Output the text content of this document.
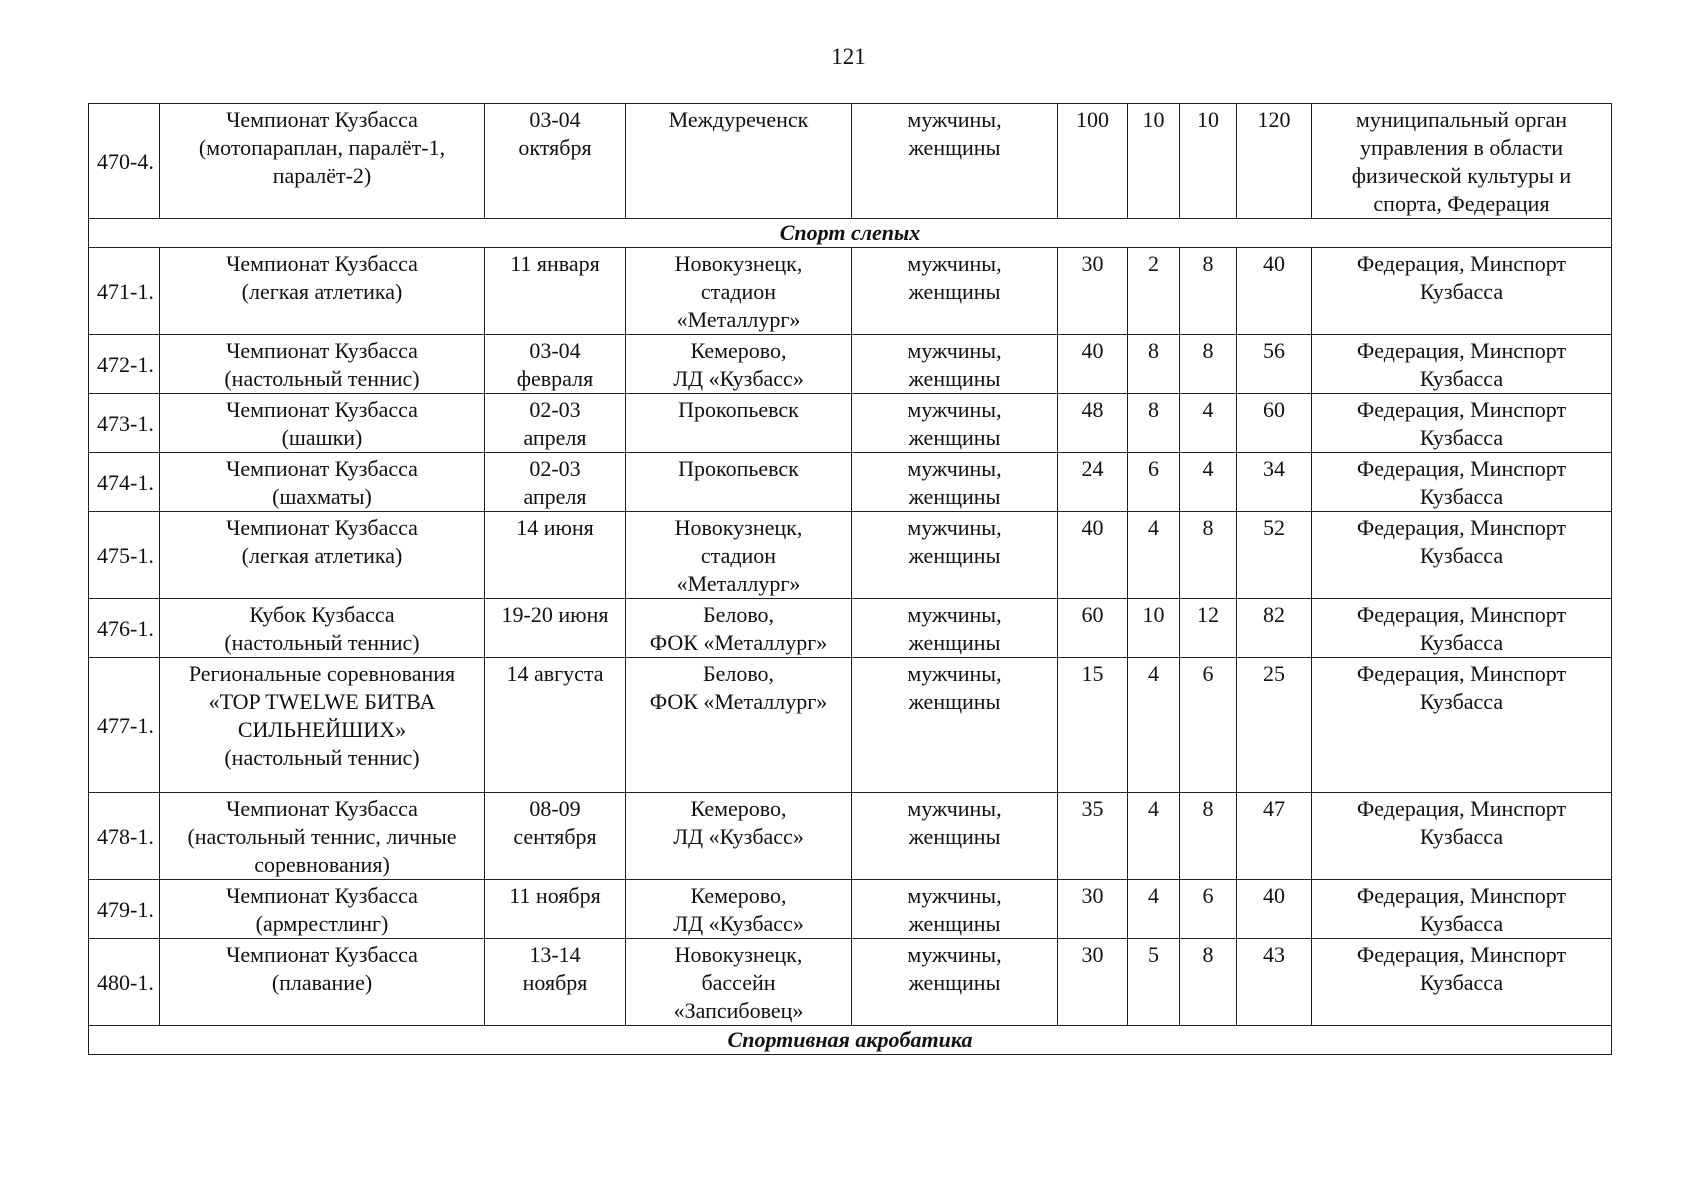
121
470-4.	Чемпионат Кузбасса
(мотопараплан, паралёт-1,
паралёт-2)	03-04
октября	Междуреченск	мужчины,
женщины	100	10	10	120	муниципальный орган
управления в области
физической культуры и
спорта, Федерация

Спорт слепых									
471-1.	Чемпионат Кузбасса
(легкая атлетика)	11 января	Новокузнецк,
стадион
«Металлург»	мужчины,
женщины	30	2	8	40	Федерация, Минспорт
Кузбасса

472-1.	Чемпионат Кузбасса
(настольный теннис)	03-04
февраля	Кемерово,
ЛД «Кузбасс»	мужчины,
женщины	40	8	8	56	Федерация, Минспорт
Кузбасса

473-1.	Чемпионат Кузбасса
(шашки)	02-03
апреля	Прокопьевск	мужчины,
женщины	48	8	4	60	Федерация, Минспорт
Кузбасса

474-1.	Чемпионат Кузбасса
(шахматы)	02-03
апреля	Прокопьевск	мужчины,
женщины	24	6	4	34	Федерация, Минспорт
Кузбасса

475-1.	Чемпионат Кузбасса
(легкая атлетика)	14 июня	Новокузнецк,
стадион
«Металлург»	мужчины,
женщины	40	4	8	52	Федерация, Минспорт
Кузбасса

476-1.	Кубок Кузбасса
(настольный теннис)	19-20 июня	Белово,
ФОК «Металлург»	мужчины,
женщины	60	10	12	82	Федерация, Минспорт
Кузбасса

477-1.	Региональные соревнования
«TOP TWELWE БИТВА
СИЛЬНЕЙШИХ»
(настольный теннис)	14 августа	Белово,
ФОК «Металлург»	мужчины,
женщины	15	4	6	25	Федерация, Минспорт
Кузбасса

478-1.	Чемпионат Кузбасса
(настольный теннис, личные
соревнования)	08-09
сентября	Кемерово,
ЛД «Кузбасс»	мужчины,
женщины	35	4	8	47	Федерация, Минспорт
Кузбасса

479-1.	Чемпионат Кузбасса
(армрестлинг)	11 ноября	Кемерово,
ЛД «Кузбасс»	мужчины,
женщины	30	4	6	40	Федерация, Минспорт
Кузбасса

480-1.	Чемпионат Кузбасса
(плавание)	13-14
ноября	Новокузнецк,
бассейн
«Запсибовец»	мужчины,
женщины	30	5	8	43	Федерация, Минспорт
Кузбасса

Спортивная акробатика									
